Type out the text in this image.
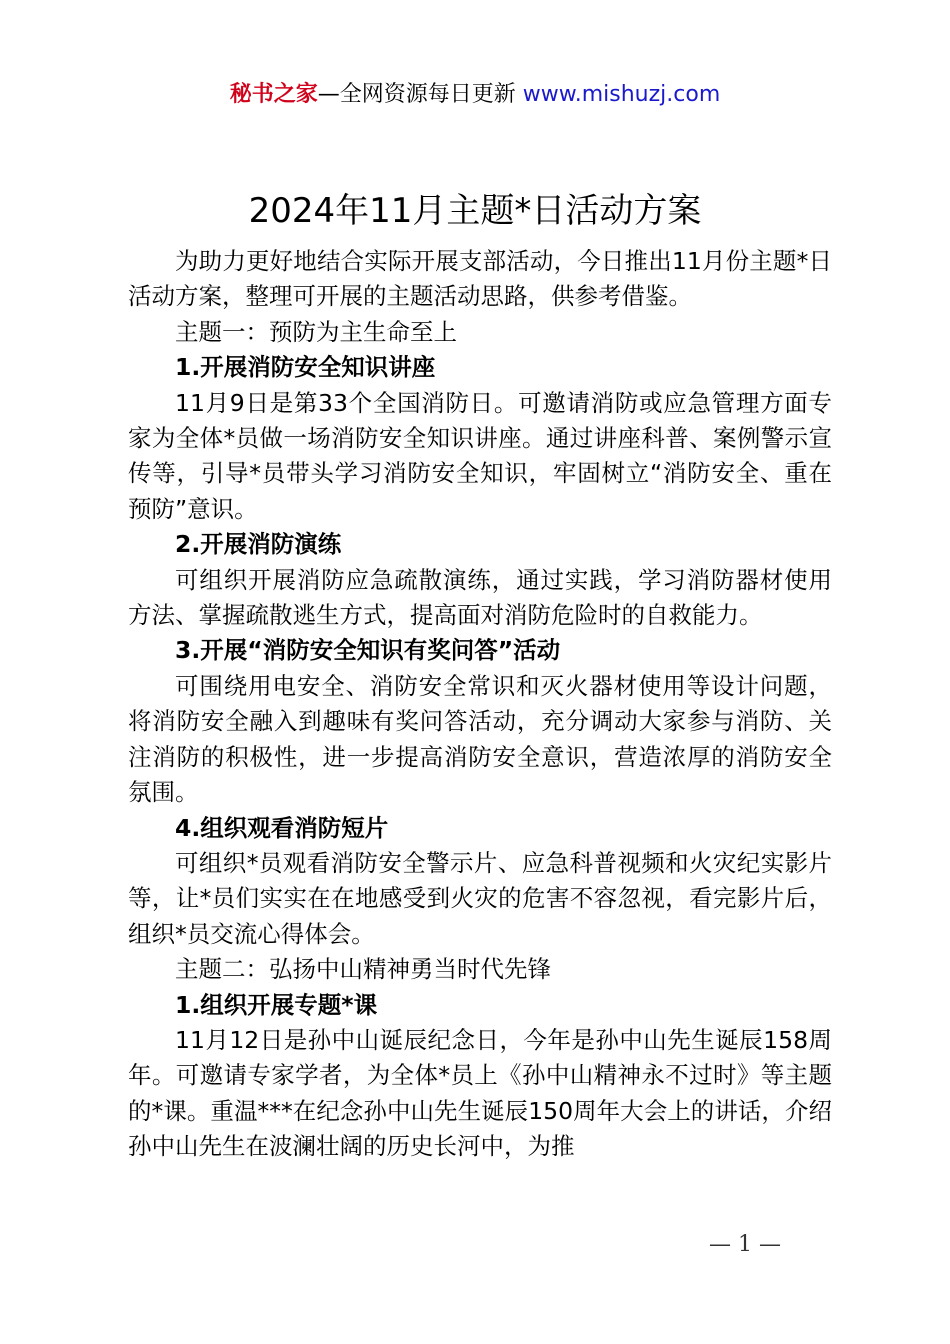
秘书之家—全网资源每日更新 www.mishuzj.com
2024年11月主题*日活动方案

为助力更好地结合实际开展支部活动，今日推出11月份主题*日活动方案，整理可开展的主题活动思路，供参考借鉴。

主题一：预防为主生命至上

1.开展消防安全知识讲座

11月9日是第33个全国消防日。可邀请消防或应急管理方面专家为全体*员做一场消防安全知识讲座。通过讲座科普、案例警示宣传等，引导*员带头学习消防安全知识，牢固树立“消防安全、重在预防”意识。

2.开展消防演练

可组织开展消防应急疏散演练，通过实践，学习消防器材使用方法、掌握疏散逃生方式，提高面对消防危险时的自救能力。

3.开展“消防安全知识有奖问答”活动

可围绕用电安全、消防安全常识和灭火器材使用等设计问题，将消防安全融入到趣味有奖问答活动，充分调动大家参与消防、关注消防的积极性，进一步提高消防安全意识，营造浓厚的消防安全氛围。

4.组织观看消防短片

可组织*员观看消防安全警示片、应急科普视频和火灾纪实影片等，让*员们实实在在地感受到火灾的危害不容忽视，看完影片后，组织*员交流心得体会。

主题二：弘扬中山精神勇当时代先锋

1.组织开展专题*课

11月12日是孙中山诞辰纪念日，今年是孙中山先生诞辰158周年。可邀请专家学者，为全体*员上《孙中山精神永不过时》等主题的*课。重温***在纪念孙中山先生诞辰150周年大会上的讲话，介绍孙中山先生在波澜壮阔的历史长河中，为推

— 1 —
